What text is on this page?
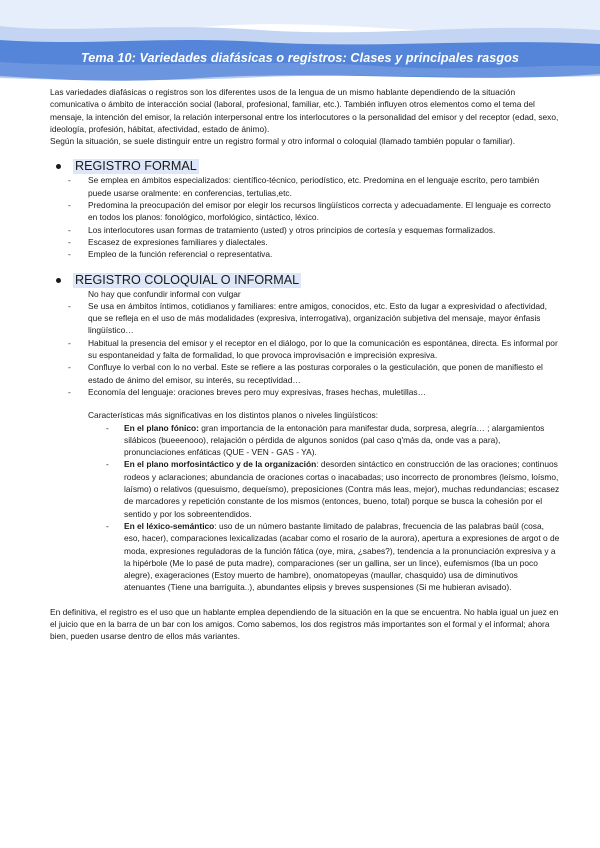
Tema 10: Variedades diafásicas o registros: Clases y principales rasgos

Las variedades diafásicas o registros son los diferentes usos de la lengua de un mismo hablante dependiendo de la situación comunicativa o ámbito de interacción social (laboral, profesional, familiar, etc.). También influyen otros elementos como el tema del mensaje, la intención del emisor, la relación interpersonal entre los interlocutores o la personalidad del emisor y del receptor (edad, sexo, ideología, profesión, hábitat, afectividad, estado de ánimo).

Según la situación, se suele distinguir entre un registro formal y otro informal o coloquial (llamado también popular o familiar).

REGISTRO FORMAL
- Se emplea en ámbitos especializados: científico-técnico, periodístico, etc. Predomina en el lenguaje escrito, pero también puede usarse oralmente: en conferencias, tertulias,etc.
- Predomina la preocupación del emisor por elegir los recursos lingüísticos correcta y adecuadamente. El lenguaje es correcto en todos los planos: fonológico, morfológico, sintáctico, léxico.
- Los interlocutores usan formas de tratamiento (usted) y otros principios de cortesía y esquemas formalizados.
- Escasez de expresiones familiares y dialectales.
- Empleo de la función referencial o representativa.
REGISTRO COLOQUIAL O INFORMAL

No hay que confundir informal con vulgar

- Se usa en ámbitos íntimos, cotidianos y familiares: entre amigos, conocidos, etc. Esto da lugar a expresividad o afectividad, que se refleja en el uso de más modalidades (expresiva, interrogativa), organización subjetiva del mensaje, mayor énfasis lingüístico…
- Habitual la presencia del emisor y el receptor en el diálogo, por lo que la comunicación es espontánea, directa. Es informal por su espontaneidad y falta de formalidad, lo que provoca improvisación e imprecisión expresiva.
- Confluye lo verbal con lo no verbal. Este se refiere a las posturas corporales o la gesticulación, que ponen de manifiesto el estado de ánimo del emisor, su interés, su receptividad…
- Economía del lenguaje: oraciones breves pero muy expresivas, frases hechas, muletillas…

Características más significativas en los distintos planos o niveles lingüísticos:

- En el plano fónico: gran importancia de la entonación para manifestar duda, sorpresa, alegría… ; alargamientos silábicos (bueeenooo), relajación o pérdida de algunos sonidos (pal caso q'más da, onde vas a para), pronunciaciones enfáticas (QUE - VEN - GAS - YA).
- En el plano morfosintáctico y de la organización: desorden sintáctico en construcción de las oraciones; continuos rodeos y aclaraciones; abundancia de oraciones cortas o inacabadas; uso incorrecto de pronombres (leísmo, loísmo, laísmo) o relativos (quesuismo, dequeísmo), preposiciones (Contra más leas, mejor), muchas redundancias; escasez de marcadores y repetición constante de los mismos (entonces, bueno, total) porque se busca la cohesión por el sentido y por los sobreentendidos.
- En el léxico-semántico: uso de un número bastante limitado de palabras, frecuencia de las palabras baúl (cosa, eso, hacer), comparaciones lexicalizadas (acabar como el rosario de la aurora), apertura a expresiones de argot o de moda, expresiones reguladoras de la función fática (oye, mira, ¿sabes?), tendencia a la pronunciación expresiva y a la hipérbole (Me lo pasé de puta madre), comparaciones (ser un gallina, ser un lince), eufemismos (Iba un poco alegre), exageraciones (Estoy muerto de hambre), onomatopeyas (maullar, chasquido) usa de diminutivos atenuantes (Tiene una barriguita..), abundantes elipsis y breves suspensiones (Si me hubieran avisado).

En definitiva, el registro es el uso que un hablante emplea dependiendo de la situación en la que se encuentra. No habla igual un juez en el juicio que en la barra de un bar con los amigos. Como sabemos, los dos registros más importantes son el formal y el informal; ahora bien, pueden usarse dentro de ellos más variantes.
